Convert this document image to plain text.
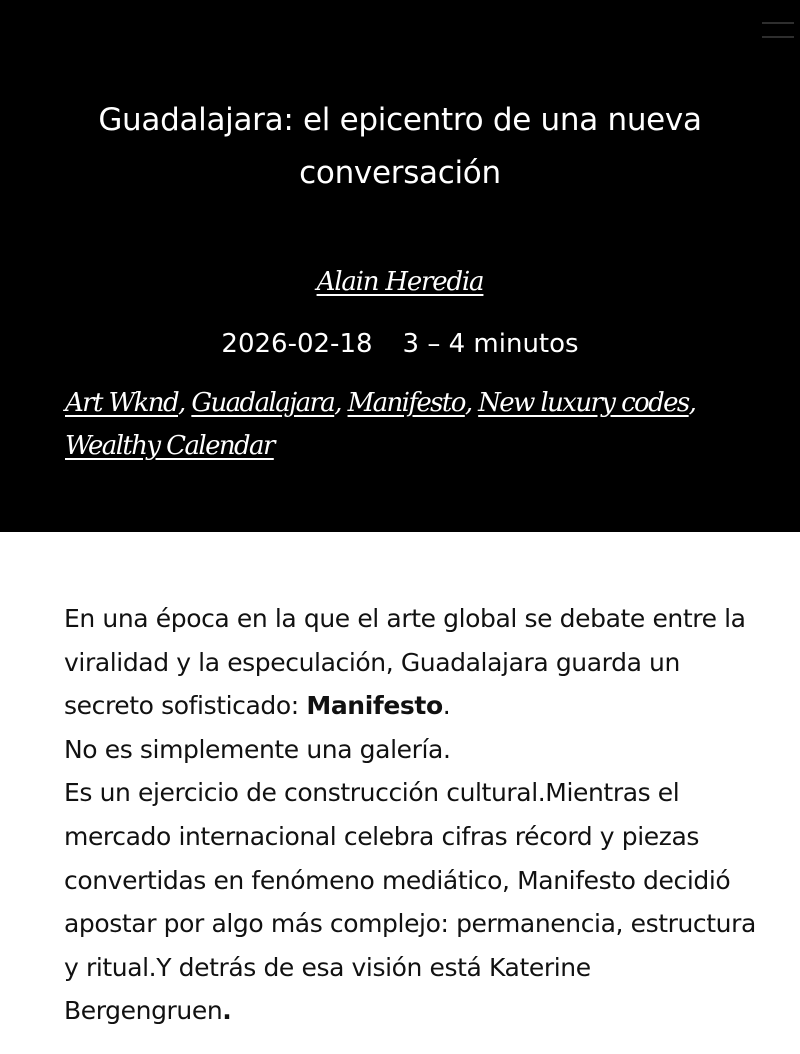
Guadalajara: el epicentro de una nueva conversación
Alain Heredia
2026-02-18 3 – 4 minutos
Art Wknd, Guadalajara, Manifesto, New luxury codes, Wealthy Calendar

En una época en la que el arte global se debate entre la viralidad y la especulación, Guadalajara guarda un secreto sofisticado: Manifesto.

No es simplemente una galería.

Es un ejercicio de construcción cultural.Mientras el mercado internacional celebra cifras récord y piezas convertidas en fenómeno mediático, Manifesto decidió apostar por algo más complejo: permanencia, estructura y ritual.Y detrás de esa visión está Katerine Bergengruen.
